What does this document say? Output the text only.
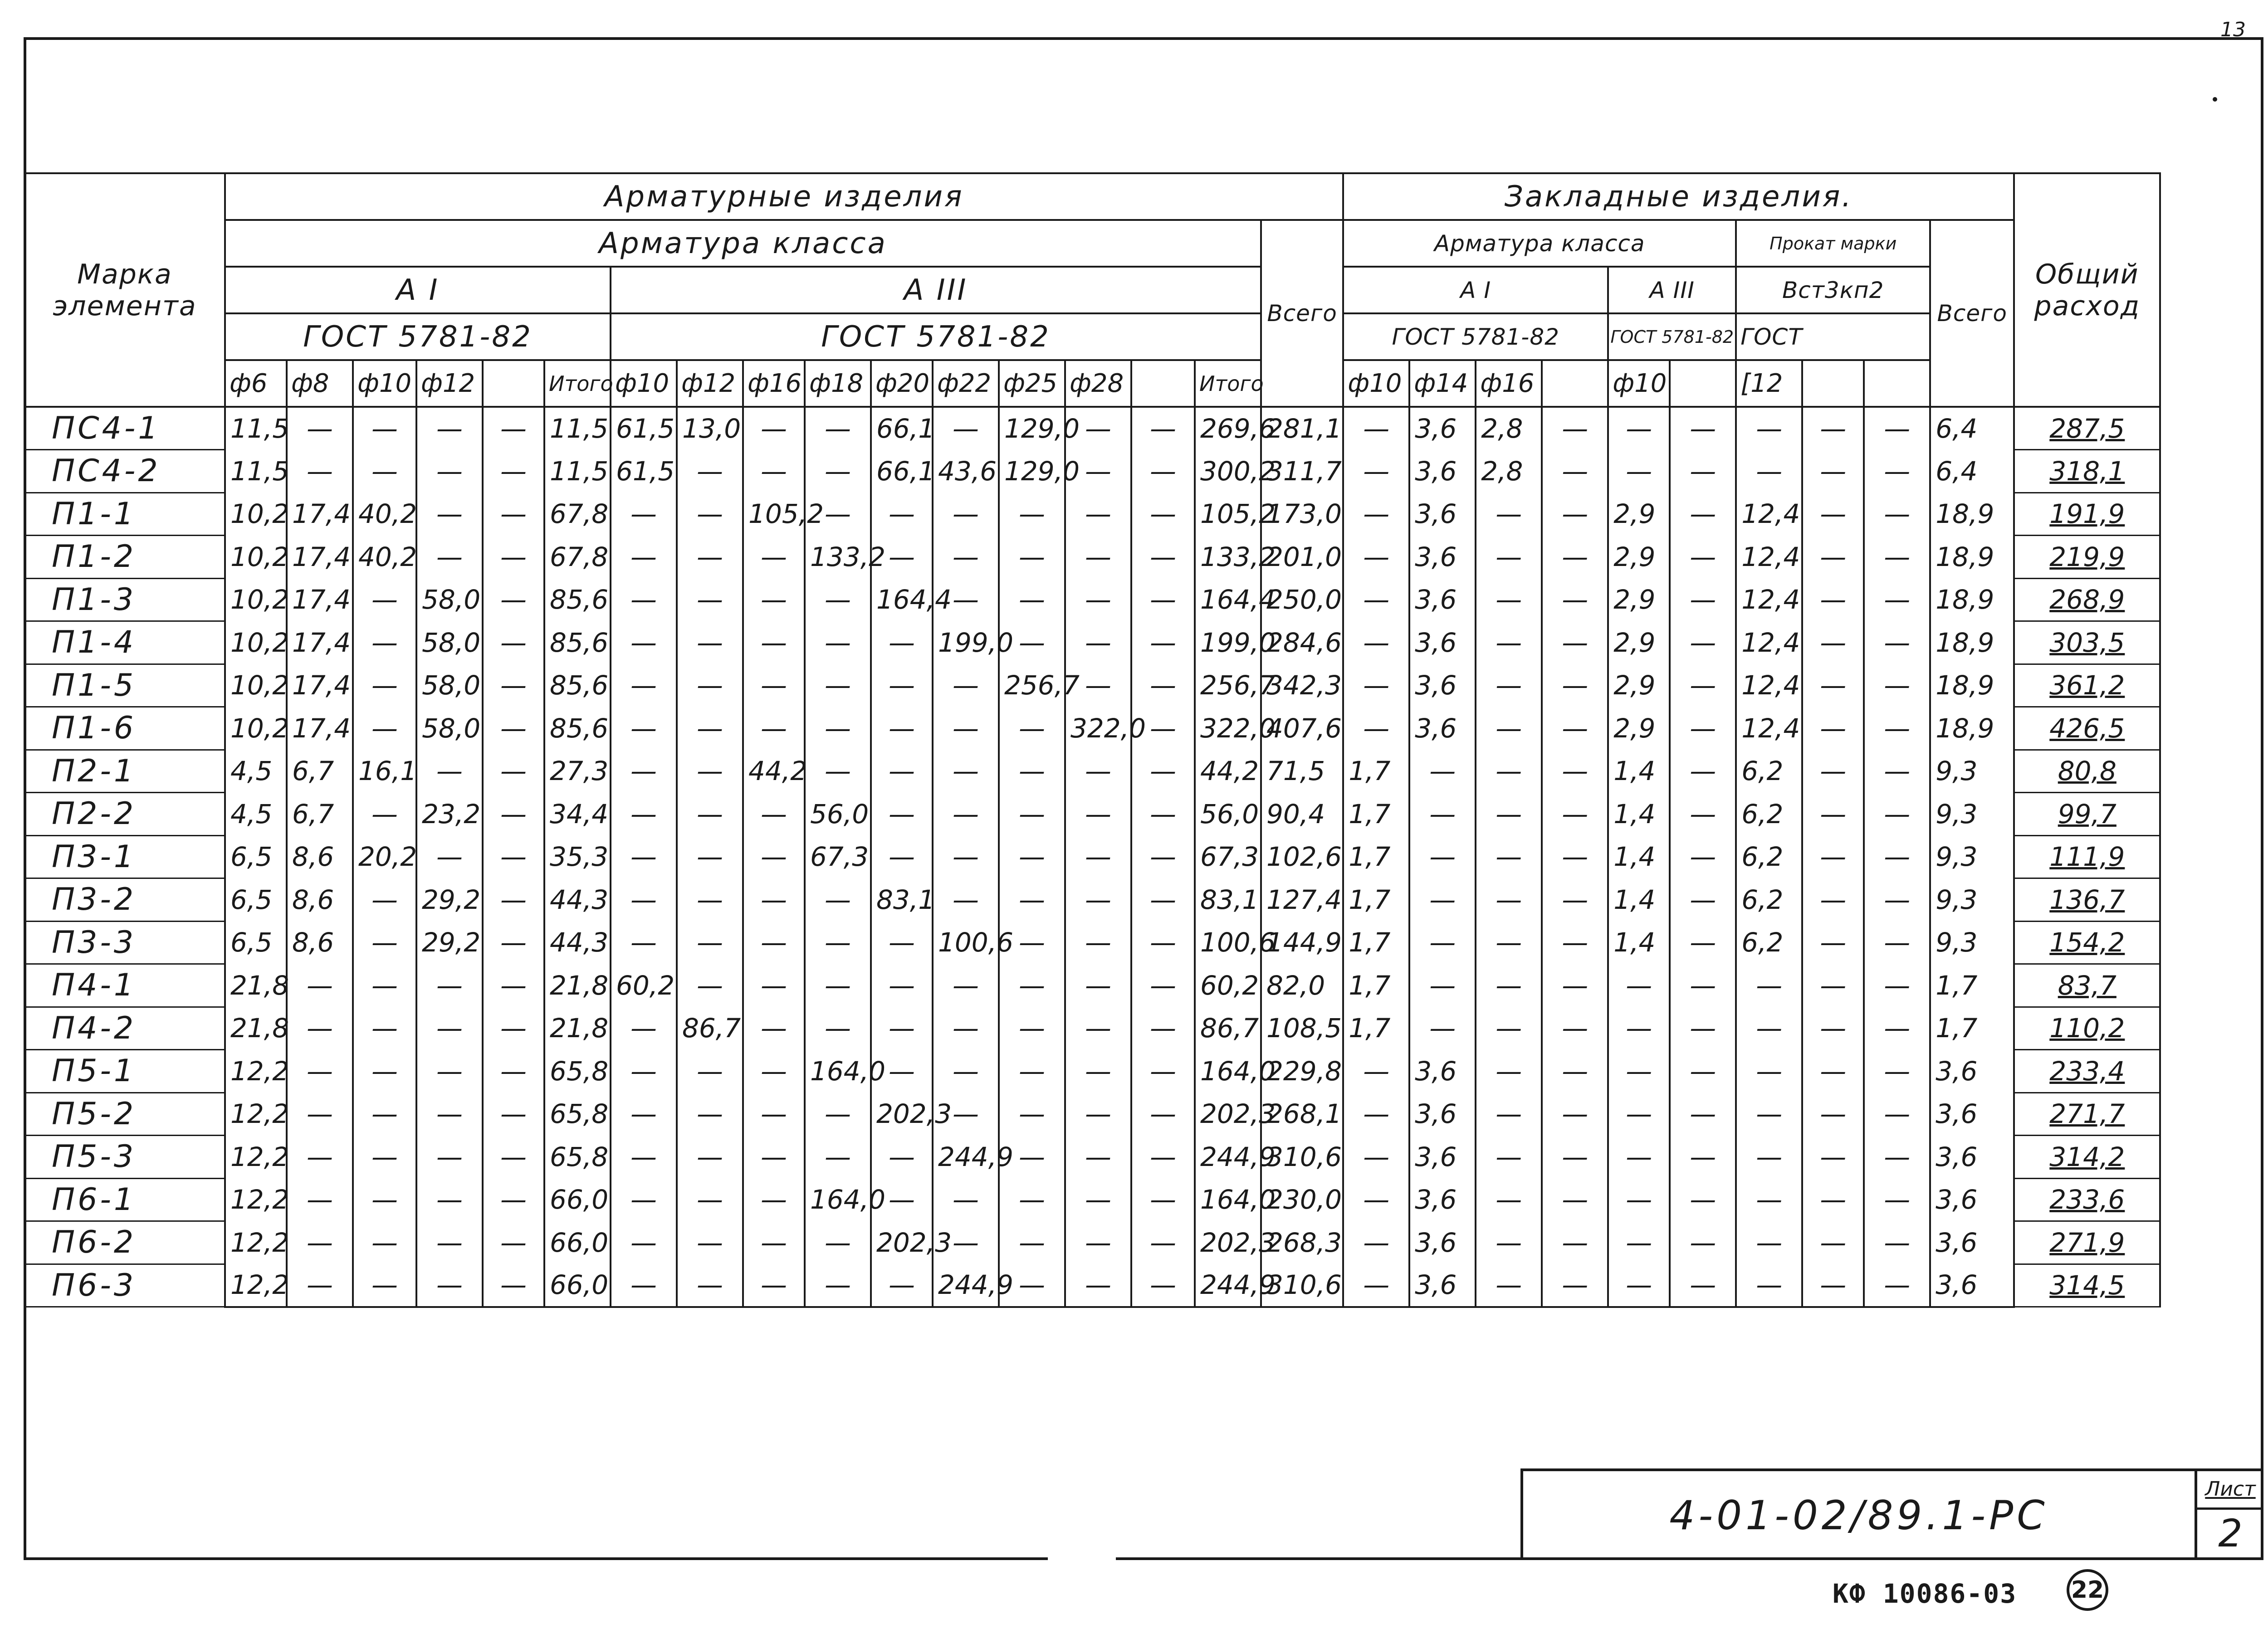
13
Марка элемента	Арматурные изделия																	Закладные изделия.										Общий расход
	Арматура класса																Всего	Арматура класса						Прокат марки			Всего	
	А I						А III											А I				А III		Вст3кп2				
	ГОСТ 5781-82						ГОСТ 5781-82											ГОСТ 5781-82				ГОСТ 5781-82		ГОСТ				
	ф6	ф8	ф10	ф12		Итого	ф10	ф12	ф16	ф18	ф20	ф22	ф25	ф28		Итого		ф10	ф14	ф16		ф10		[12				
ПС4-1	11,5	—	—	—	—	11,5	61,5	13,0	—	—	66,1	—	129,0	—	—	269,6	281,1	—	3,6	2,8	—	—	—	—	—	—	6,4	287,5
ПС4-2	11,5	—	—	—	—	11,5	61,5	—	—	—	66,1	43,6	129,0	—	—	300,2	311,7	—	3,6	2,8	—	—	—	—	—	—	6,4	318,1
П1-1	10,2	17,4	40,2	—	—	67,8	—	—	105,2	—	—	—	—	—	—	105,2	173,0	—	3,6	—	—	2,9	—	12,4	—	—	18,9	191,9
П1-2	10,2	17,4	40,2	—	—	67,8	—	—	—	133,2	—	—	—	—	—	133,2	201,0	—	3,6	—	—	2,9	—	12,4	—	—	18,9	219,9
П1-3	10,2	17,4	—	58,0	—	85,6	—	—	—	—	164,4	—	—	—	—	164,4	250,0	—	3,6	—	—	2,9	—	12,4	—	—	18,9	268,9
П1-4	10,2	17,4	—	58,0	—	85,6	—	—	—	—	—	199,0	—	—	—	199,0	284,6	—	3,6	—	—	2,9	—	12,4	—	—	18,9	303,5
П1-5	10,2	17,4	—	58,0	—	85,6	—	—	—	—	—	—	256,7	—	—	256,7	342,3	—	3,6	—	—	2,9	—	12,4	—	—	18,9	361,2
П1-6	10,2	17,4	—	58,0	—	85,6	—	—	—	—	—	—	—	322,0	—	322,0	407,6	—	3,6	—	—	2,9	—	12,4	—	—	18,9	426,5
П2-1	4,5	6,7	16,1	—	—	27,3	—	—	44,2	—	—	—	—	—	—	44,2	71,5	1,7	—	—	—	1,4	—	6,2	—	—	9,3	80,8
П2-2	4,5	6,7	—	23,2	—	34,4	—	—	—	56,0	—	—	—	—	—	56,0	90,4	1,7	—	—	—	1,4	—	6,2	—	—	9,3	99,7
П3-1	6,5	8,6	20,2	—	—	35,3	—	—	—	67,3	—	—	—	—	—	67,3	102,6	1,7	—	—	—	1,4	—	6,2	—	—	9,3	111,9
П3-2	6,5	8,6	—	29,2	—	44,3	—	—	—	—	83,1	—	—	—	—	83,1	127,4	1,7	—	—	—	1,4	—	6,2	—	—	9,3	136,7
П3-3	6,5	8,6	—	29,2	—	44,3	—	—	—	—	—	100,6	—	—	—	100,6	144,9	1,7	—	—	—	1,4	—	6,2	—	—	9,3	154,2
П4-1	21,8	—	—	—	—	21,8	60,2	—	—	—	—	—	—	—	—	60,2	82,0	1,7	—	—	—	—	—	—	—	—	1,7	83,7
П4-2	21,8	—	—	—	—	21,8	—	86,7	—	—	—	—	—	—	—	86,7	108,5	1,7	—	—	—	—	—	—	—	—	1,7	110,2
П5-1	12,2	—	—	—	—	65,8	—	—	—	164,0	—	—	—	—	—	164,0	229,8	—	3,6	—	—	—	—	—	—	—	3,6	233,4
П5-2	12,2	—	—	—	—	65,8	—	—	—	—	202,3	—	—	—	—	202,3	268,1	—	3,6	—	—	—	—	—	—	—	3,6	271,7
П5-3	12,2	—	—	—	—	65,8	—	—	—	—	—	244,9	—	—	—	244,9	310,6	—	3,6	—	—	—	—	—	—	—	3,6	314,2
П6-1	12,2	—	—	—	—	66,0	—	—	—	164,0	—	—	—	—	—	164,0	230,0	—	3,6	—	—	—	—	—	—	—	3,6	233,6
П6-2	12,2	—	—	—	—	66,0	—	—	—	—	202,3	—	—	—	—	202,3	268,3	—	3,6	—	—	—	—	—	—	—	3,6	271,9
П6-3	12,2	—	—	—	—	66,0	—	—	—	—	—	244,9	—	—	—	244,9	310,6	—	3,6	—	—	—	—	—	—	—	3,6	314,5
4-01-02/89.1-PC
Лист
2
КФ 10086-03 22
